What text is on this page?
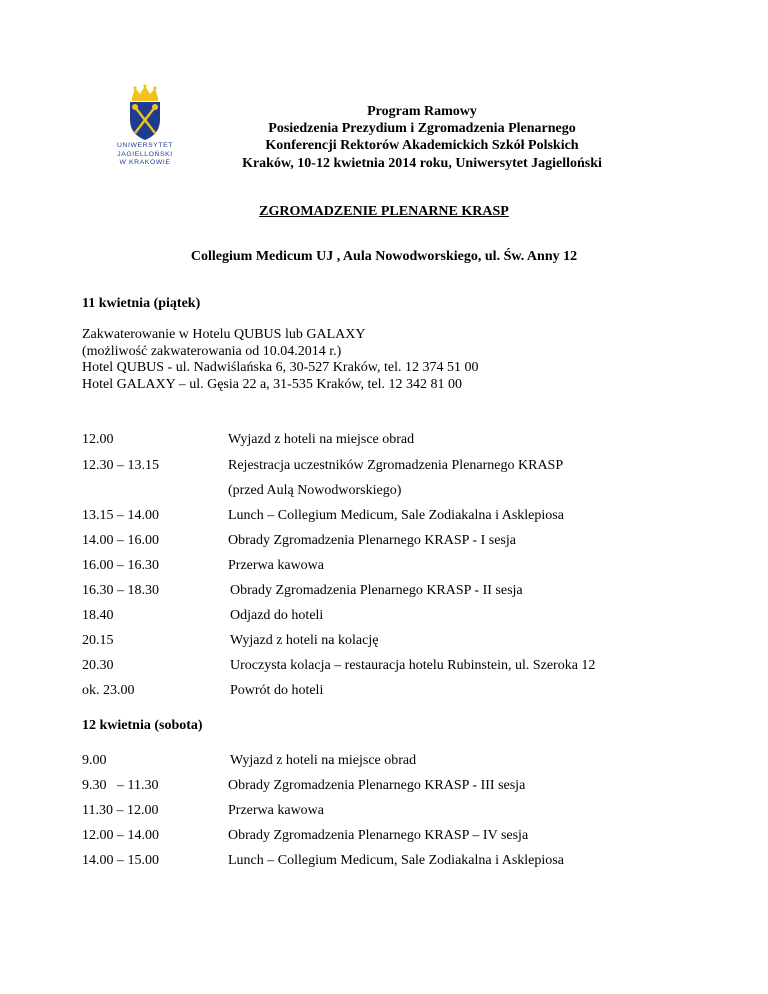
UNIWERSYTET
JAGIELLOŃSKI
W KRAKOWIE
Program Ramowy
Posiedzenia Prezydium i Zgromadzenia Plenarnego
Konferencji Rektorów Akademickich Szkół Polskich
Kraków, 10-12 kwietnia 2014 roku, Uniwersytet Jagielloński
ZGROMADZENIE PLENARNE KRASP
Collegium Medicum UJ , Aula Nowodworskiego, ul. Św. Anny 12
11 kwietnia (piątek)
Zakwaterowanie w Hotelu QUBUS lub GALAXY
(możliwość zakwaterowania od 10.04.2014 r.)
Hotel QUBUS - ul. Nadwiślańska 6, 30-527 Kraków, tel. 12 374 51 00
Hotel GALAXY – ul. Gęsia 22 a, 31-535 Kraków, tel. 12 342 81 00
12.00	Wyjazd z hoteli na miejsce obrad
12.30 – 13.15	Rejestracja uczestników Zgromadzenia Plenarnego KRASP
(przed Aulą Nowodworskiego)
13.15 – 14.00	Lunch – Collegium Medicum, Sale Zodiakalna i Asklepiosa
14.00 – 16.00	Obrady Zgromadzenia Plenarnego KRASP - I sesja
16.00 – 16.30	Przerwa kawowa
16.30 – 18.30	Obrady Zgromadzenia Plenarnego KRASP - II sesja
18.40	Odjazd do hoteli
20.15	Wyjazd z hoteli na kolację
20.30	Uroczysta kolacja – restauracja hotelu Rubinstein, ul. Szeroka 12
ok. 23.00	Powrót do hoteli
12 kwietnia (sobota)
9.00	Wyjazd z hoteli na miejsce obrad
9.30   – 11.30	Obrady Zgromadzenia Plenarnego KRASP - III sesja
11.30 – 12.00	Przerwa kawowa
12.00 – 14.00	Obrady Zgromadzenia Plenarnego KRASP – IV sesja
14.00 – 15.00	Lunch – Collegium Medicum, Sale Zodiakalna i Asklepiosa
